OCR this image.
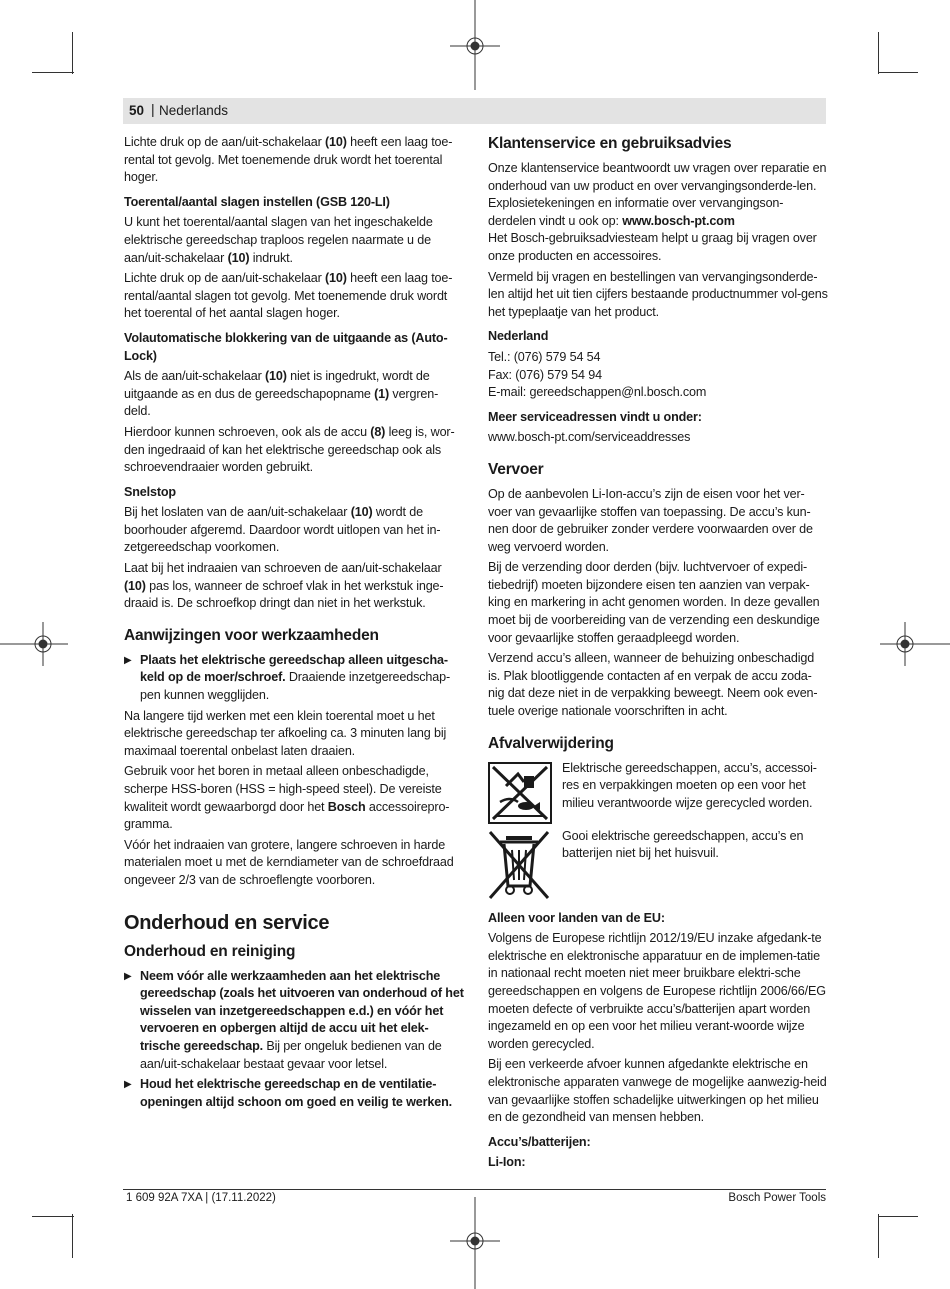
50 | Nederlands

Lichte druk op de aan/uit-schakelaar (10) heeft een laag toe-rental tot gevolg. Met toenemende druk wordt het toerental hoger.

Toerental/aantal slagen instellen (GSB 120-LI)

U kunt het toerental/aantal slagen van het ingeschakelde elektrische gereedschap traploos regelen naarmate u de aan/uit-schakelaar (10) indrukt.

Lichte druk op de aan/uit-schakelaar (10) heeft een laag toe-rental/aantal slagen tot gevolg. Met toenemende druk wordt het toerental of het aantal slagen hoger.

Volautomatische blokkering van de uitgaande as (Auto-Lock)

Als de aan/uit-schakelaar (10) niet is ingedrukt, wordt de uitgaande as en dus de gereedschapopname (1) vergren-deld.

Hierdoor kunnen schroeven, ook als de accu (8) leeg is, wor-den ingedraaid of kan het elektrische gereedschap ook als schroevendraaier worden gebruikt.

Snelstop

Bij het loslaten van de aan/uit-schakelaar (10) wordt de boorhouder afgeremd. Daardoor wordt uitlopen van het in-zetgereedschap voorkomen.

Laat bij het indraaien van schroeven de aan/uit-schakelaar (10) pas los, wanneer de schroef vlak in het werkstuk inge-draaid is. De schroefkop dringt dan niet in het werkstuk.

Aanwijzingen voor werkzaamheden

▶ Plaats het elektrische gereedschap alleen uitgescha-keld op de moer/schroef. Draaiende inzetgereedschap-pen kunnen wegglijden.

Na langere tijd werken met een klein toerental moet u het elektrische gereedschap ter afkoeling ca. 3 minuten lang bij maximaal toerental onbelast laten draaien.

Gebruik voor het boren in metaal alleen onbeschadigde, scherpe HSS-boren (HSS = high-speed steel). De vereiste kwaliteit wordt gewaarborgd door het Bosch accessoirepro-gramma.

Vóór het indraaien van grotere, langere schroeven in harde materialen moet u met de kerndiameter van de schroefdraad ongeveer 2/3 van de schroeflengte voorboren.

Onderhoud en service
Onderhoud en reiniging

▶ Neem vóór alle werkzaamheden aan het elektrische gereedschap (zoals het uitvoeren van onderhoud of het wisselen van inzetgereedschappen e.d.) en vóór het vervoeren en opbergen altijd de accu uit het elek-trische gereedschap. Bij per ongeluk bedienen van de aan/uit-schakelaar bestaat gevaar voor letsel.

▶ Houd het elektrische gereedschap en de ventilatie-openingen altijd schoon om goed en veilig te werken.

Klantenservice en gebruiksadvies

Onze klantenservice beantwoordt uw vragen over reparatie en onderhoud van uw product en over vervangingsonderde-len. Explosietekeningen en informatie over vervangingson-derdelen vindt u ook op: www.bosch-pt.com

Het Bosch-gebruiksadviesteam helpt u graag bij vragen over onze producten en accessoires.

Vermeld bij vragen en bestellingen van vervangingsonderde-len altijd het uit tien cijfers bestaande productnummer vol-gens het typeplaatje van het product.

Nederland

Tel.: (076) 579 54 54

Fax: (076) 579 54 94

E-mail: gereedschappen@nl.bosch.com

Meer serviceadressen vindt u onder:

www.bosch-pt.com/serviceaddresses

Vervoer

Op de aanbevolen Li-Ion-accu’s zijn de eisen voor het ver-voer van gevaarlijke stoffen van toepassing. De accu’s kun-nen door de gebruiker zonder verdere voorwaarden over de weg vervoerd worden.

Bij de verzending door derden (bijv. luchtvervoer of expedi-tiebedrijf) moeten bijzondere eisen ten aanzien van verpak-king en markering in acht genomen worden. In deze gevallen moet bij de voorbereiding van de verzending een deskundige voor gevaarlijke stoffen geraadpleegd worden.

Verzend accu’s alleen, wanneer de behuizing onbeschadigd is. Plak blootliggende contacten af en verpak de accu zoda-nig dat deze niet in de verpakking beweegt. Neem ook even-tuele overige nationale voorschriften in acht.

Afvalverwijdering

Elektrische gereedschappen, accu’s, accessoi-res en verpakkingen moeten op een voor het milieu verantwoorde wijze gerecycled worden.

Gooi elektrische gereedschappen, accu’s en batterijen niet bij het huisvuil.

Alleen voor landen van de EU:

Volgens de Europese richtlijn 2012/19/EU inzake afgedank-te elektrische en elektronische apparatuur en de implemen-tatie in nationaal recht moeten niet meer bruikbare elektri-sche gereedschappen en volgens de Europese richtlijn 2006/66/EG moeten defecte of verbruikte accu’s/batterijen apart worden ingezameld en op een voor het milieu verant-woorde wijze worden gerecycled.

Bij een verkeerde afvoer kunnen afgedankte elektrische en elektronische apparaten vanwege de mogelijke aanwezig-heid van gevaarlijke stoffen schadelijke uitwerkingen op het milieu en de gezondheid van mensen hebben.

Accu’s/batterijen:
Li-Ion:
1 609 92A 7XA | (17.11.2022)	Bosch Power Tools
